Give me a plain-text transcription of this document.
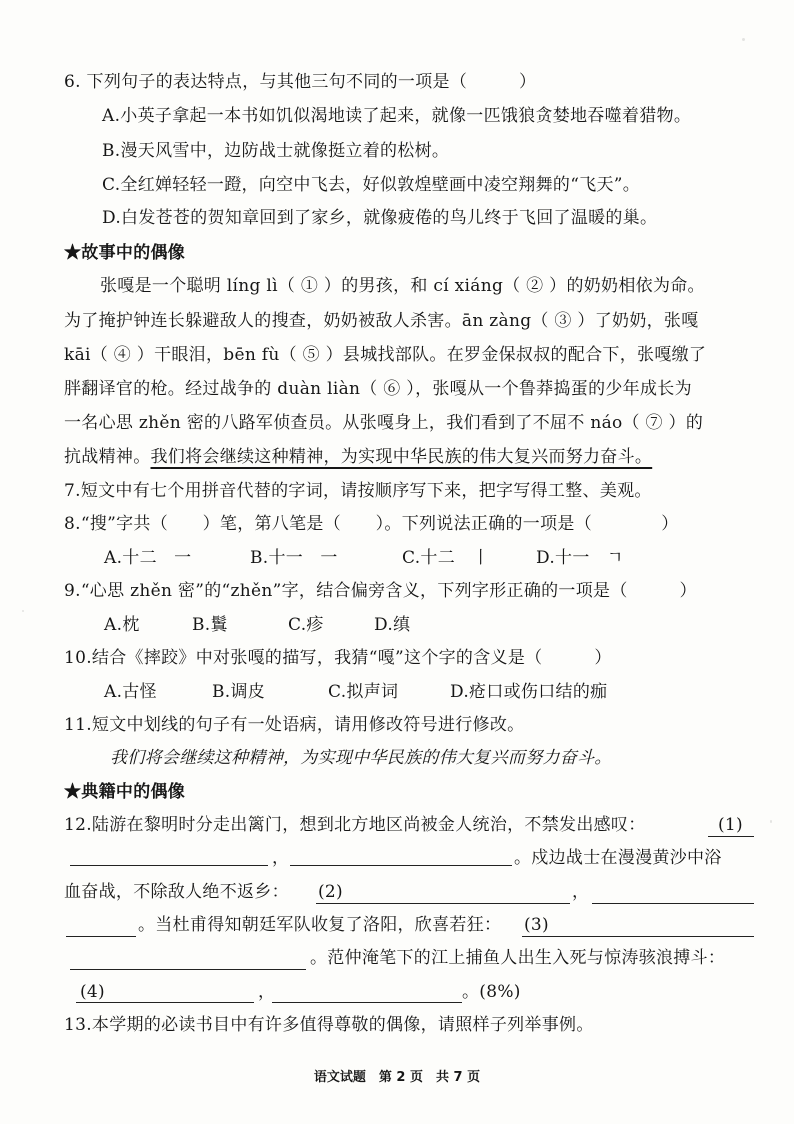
6. 下列句子的表达特点，与其他三句不同的一项是（　　　）
A.小英子拿起一本书如饥似渴地读了起来，就像一匹饿狼贪婪地吞噬着猎物。
B.漫天风雪中，边防战士就像挺立着的松树。
C.全红婵轻轻一蹬，向空中飞去，好似敦煌壁画中凌空翔舞的“飞天”。
D.白发苍苍的贺知章回到了家乡，就像疲倦的鸟儿终于飞回了温暖的巢。
★故事中的偶像
张嘎是一个聪明 líng lì（ ① ）的男孩，和 cí xiáng（ ② ）的奶奶相依为命。
为了掩护钟连长躲避敌人的搜查，奶奶被敌人杀害。ān zàng（ ③ ）了奶奶，张嘎
kāi（ ④ ）干眼泪，bēn fù（ ⑤ ）县城找部队。在罗金保叔叔的配合下，张嘎缴了
胖翻译官的枪。经过战争的 duàn liàn（ ⑥ ），张嘎从一个鲁莽捣蛋的少年成长为
一名心思 zhěn 密的八路军侦查员。从张嘎身上，我们看到了不屈不 náo（ ⑦ ）的
抗战精神。我们将会继续这种精神，为实现中华民族的伟大复兴而努力奋斗。
7.短文中有七个用拼音代替的字词，请按顺序写下来，把字写得工整、美观。
8.“搜”字共（　　）笔，第八笔是（　　）。下列说法正确的一项是（　　　　）
A.十二　一	B.十一　一	C.十二　丨	D.十一　ㄱ
9.“心思 zhěn 密”的“zhěn”字，结合偏旁含义，下列字形正确的一项是（　　　）
A.枕	B.鬒	C.疹	D.缜
10.结合《摔跤》中对张嘎的描写，我猜“嘎”这个字的含义是（　　　）
A.古怪	B.调皮	C.拟声词	D.疮口或伤口结的痂
11.短文中划线的句子有一处语病，请用修改符号进行修改。
我们将会继续这种精神，为实现中华民族的伟大复兴而努力奋斗。
★典籍中的偶像
12.陆游在黎明时分走出篱门，想到北方地区尚被金人统治，不禁发出感叹：	(1)
，	。戍边战士在漫漫黄沙中浴
血奋战，不除敌人绝不返乡： (2)	，
。当杜甫得知朝廷军队收复了洛阳，欣喜若狂： (3)
。范仲淹笔下的江上捕鱼人出生入死与惊涛骇浪搏斗：
(4)	，	。(8%)
13.本学期的必读书目中有许多值得尊敬的偶像，请照样子列举事例。
语文试题　第 2 页　共 7 页
